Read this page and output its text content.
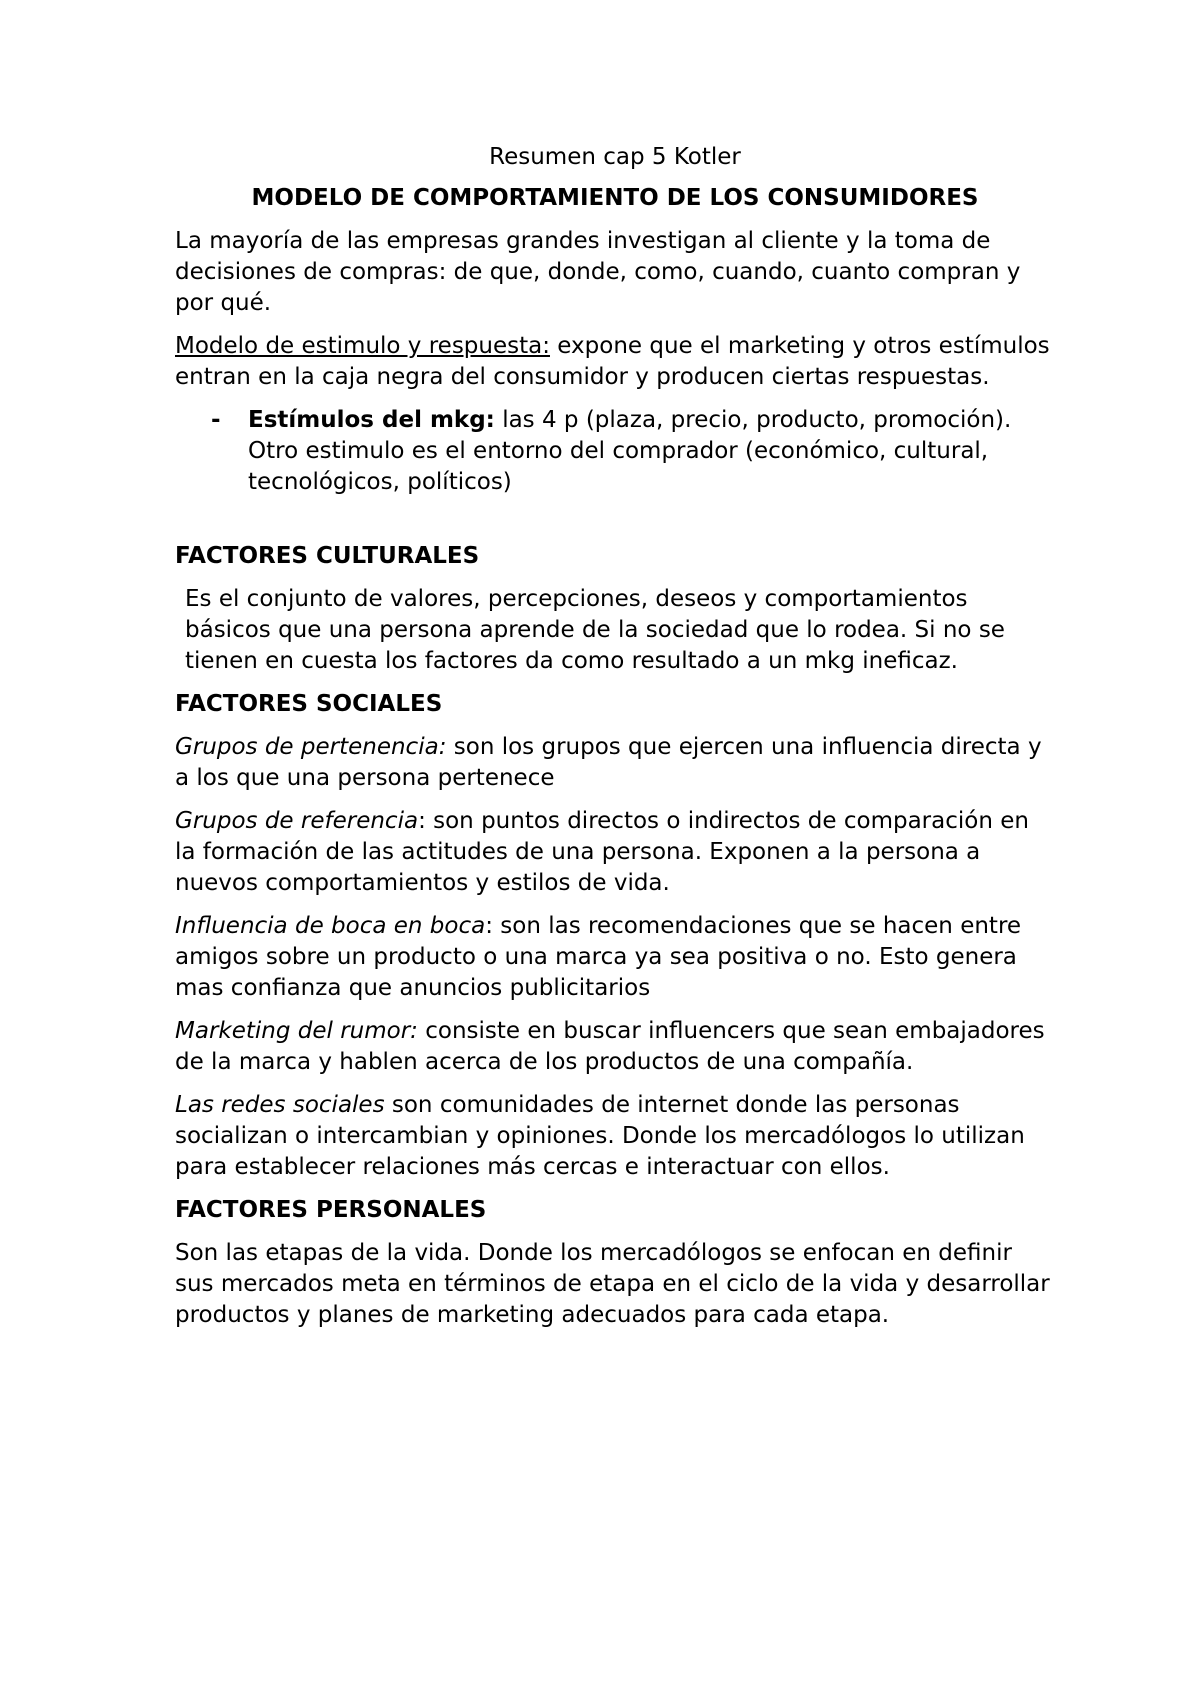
Resumen cap 5 Kotler
MODELO DE COMPORTAMIENTO DE LOS CONSUMIDORES

La mayoría de las empresas grandes investigan al cliente y la toma de decisiones de compras: de que, donde, como, cuando, cuanto compran y por qué.

Modelo de estimulo y respuesta: expone que el marketing y otros estímulos entran en la caja negra del consumidor y producen ciertas respuestas.

- Estímulos del mkg: las 4 p (plaza, precio, producto, promoción). Otro estimulo es el entorno del comprador (económico, cultural, tecnológicos, políticos)
FACTORES CULTURALES

Es el conjunto de valores, percepciones, deseos y comportamientos básicos que una persona aprende de la sociedad que lo rodea. Si no se tienen en cuesta los factores da como resultado a un mkg ineficaz.

FACTORES SOCIALES

Grupos de pertenencia: son los grupos que ejercen una influencia directa y a los que una persona pertenece

Grupos de referencia: son puntos directos o indirectos de comparación en la formación de las actitudes de una persona. Exponen a la persona a nuevos comportamientos y estilos de vida.

Influencia de boca en boca: son las recomendaciones que se hacen entre amigos sobre un producto o una marca ya sea positiva o no. Esto genera mas confianza que anuncios publicitarios

Marketing del rumor: consiste en buscar influencers que sean embajadores de la marca y hablen acerca de los productos de una compañía.

Las redes sociales son comunidades de internet donde las personas socializan o intercambian y opiniones. Donde los mercadólogos lo utilizan para establecer relaciones más cercas e interactuar con ellos.

FACTORES PERSONALES

Son las etapas de la vida. Donde los mercadólogos se enfocan en definir sus mercados meta en términos de etapa en el ciclo de la vida y desarrollar productos y planes de marketing adecuados para cada etapa.
